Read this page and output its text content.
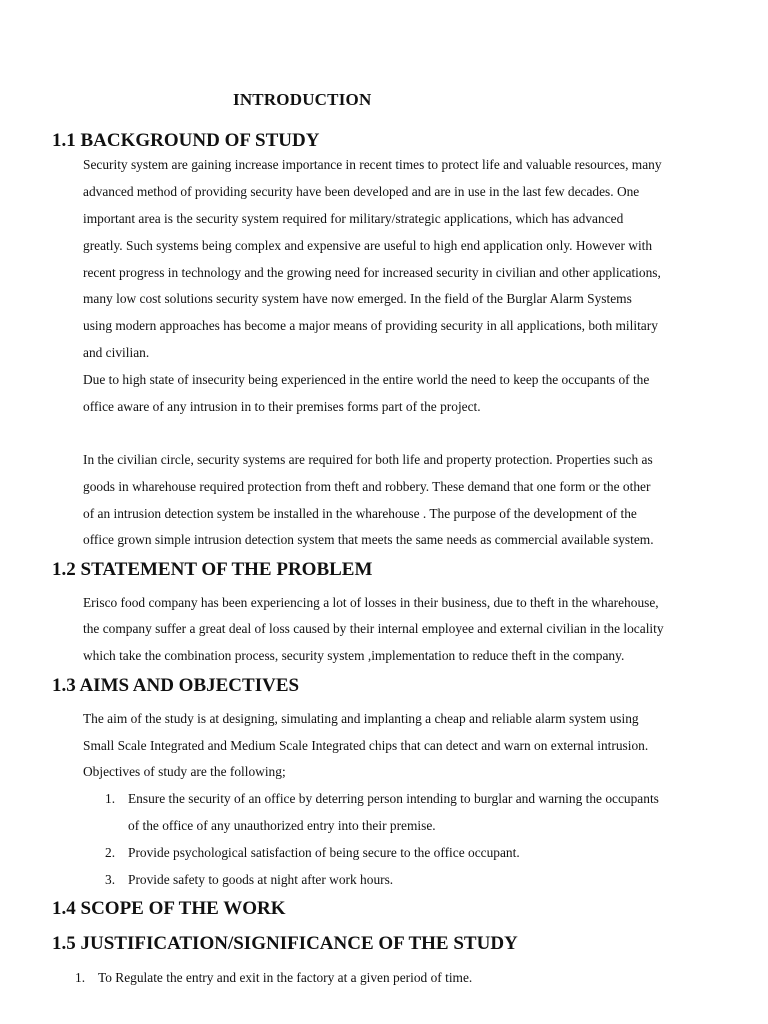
INTRODUCTION
1.1 BACKGROUND OF STUDY
Security system are gaining increase importance in recent times to protect life and valuable resources, many
advanced method of providing security have been developed and are in use in the last few decades. One
important area is the security system required for military/strategic applications, which has advanced
greatly. Such systems being complex and expensive are useful to high end application only. However with
recent progress in technology and the growing need for increased security in civilian and other applications,
many low cost solutions security system have now emerged. In the field of the Burglar Alarm Systems
using modern approaches has become a major means of providing security in all applications, both military
and civilian.
Due to high state of insecurity being experienced in the entire world the need to keep the occupants of the
office aware of any intrusion in to their premises forms part of the project.
In the civilian circle, security systems are required for both life and property protection. Properties such as
goods in wharehouse required protection from theft and robbery. These demand that one form or the other
of an intrusion detection system be installed in the wharehouse . The purpose of the development of the
office grown simple intrusion detection system that meets the same needs as commercial available system.
1.2 STATEMENT OF THE PROBLEM
Erisco food company has been experiencing a lot of losses in their business, due to theft in the wharehouse,
the company suffer a great deal of loss caused by their internal employee and external civilian in the locality
which take the combination process, security system ,implementation to reduce theft in the company.
1.3 AIMS AND OBJECTIVES
The aim of the study is at designing, simulating and implanting a cheap and reliable alarm system using
Small Scale Integrated and Medium Scale Integrated chips that can detect and warn on external intrusion.
Objectives of study are the following;
1. Ensure the security of an office by deterring person intending to burglar and warning the occupants
of the office of any unauthorized entry into their premise.
2. Provide psychological satisfaction of being secure to the office occupant.
3. Provide safety to goods at night after work hours.
1.4 SCOPE OF THE WORK
1.5 JUSTIFICATION/SIGNIFICANCE OF THE STUDY
1. To Regulate the entry and exit in the factory at a given period of time.
